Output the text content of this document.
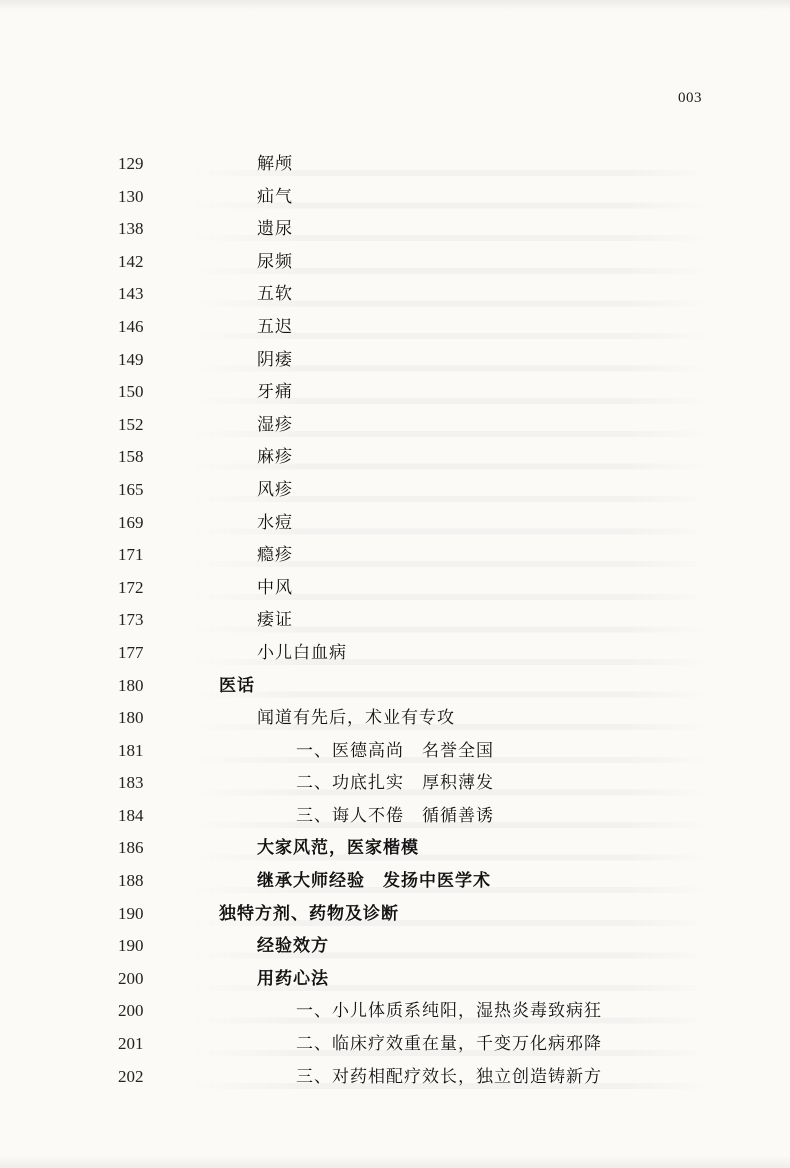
003
129	解颅
130	疝气
138	遗尿
142	尿频
143	五软
146	五迟
149	阴痿
150	牙痛
152	湿疹
158	麻疹
165	风疹
169	水痘
171	瘾疹
172	中风
173	痿证
177	小儿白血病
180	医话
180	闻道有先后，术业有专攻
181	一、医德高尚　名誉全国
183	二、功底扎实　厚积薄发
184	三、诲人不倦　循循善诱
186	大家风范，医家楷模
188	继承大师经验　发扬中医学术
190	独特方剂、药物及诊断
190	经验效方
200	用药心法
200	一、小儿体质系纯阳，湿热炎毒致病狂
201	二、临床疗效重在量，千变万化病邪降
202	三、对药相配疗效长，独立创造铸新方
